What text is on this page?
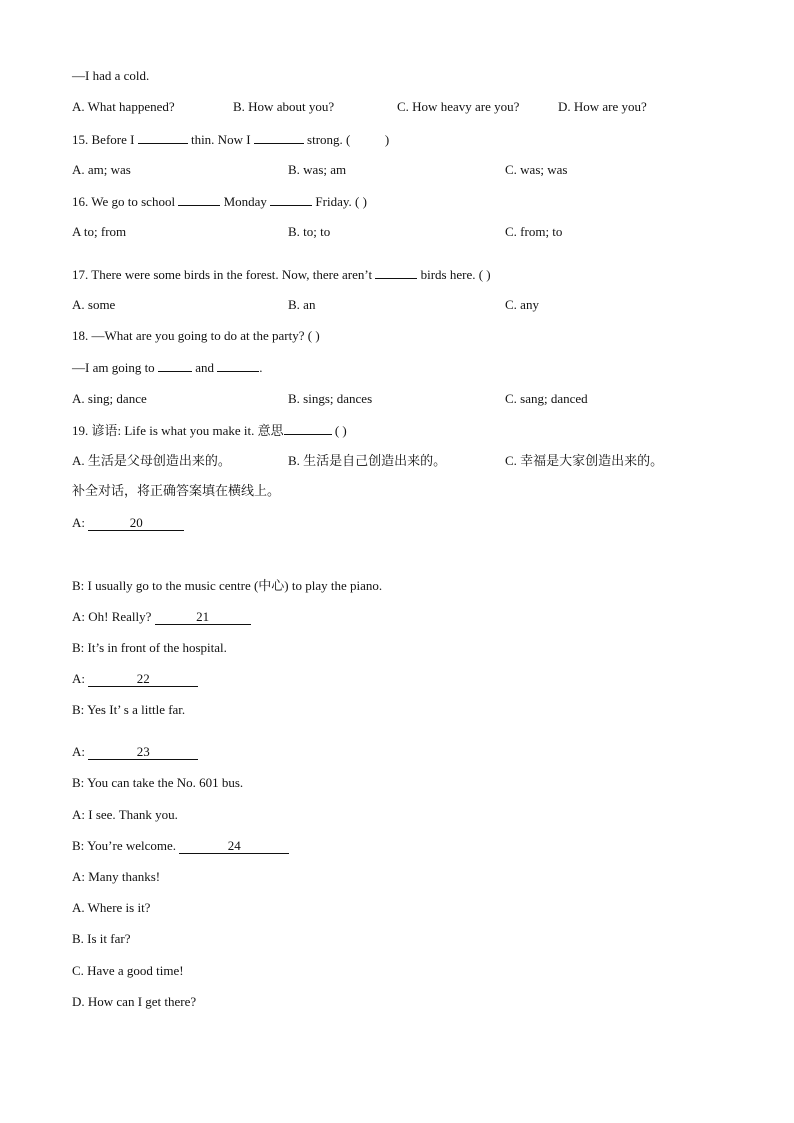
—I had a cold.
A. What happened?	B. How about you?	C. How heavy are you?	D. How are you?
15. Before I	thin. Now I	strong. (	)
A. am; was	B. was; am	C. was; was
16. We go to school	Monday	Friday. ( )
A to; from	B. to; to	C. from; to
17. There were some birds in the forest. Now, there aren’t	birds here. ( )
A. some	B. an	C. any
18. —What are you going to do at the party? ( )
—I am going to	and	.
A. sing; dance	B. sings; dances	C. sang; danced
19. 谚语: Life is what you make it. 意思	( )
A. 生活是父母创造出来的。	B. 生活是自己创造出来的。	C. 幸福是大家创造出来的。
补全对话，将正确答案填在横线上。
A:	20
B: I usually go to the music centre (中心) to play the piano.
A: Oh! Really?	21
B: It’s in front of the hospital.
A:	22
B: Yes It’ s a little far.
A:	23
B: You can take the No. 601 bus.
A: I see. Thank you.
B: You’re welcome.	24
A: Many thanks!
A. Where is it?
B. Is it far?
C. Have a good time!
D. How can I get there?
